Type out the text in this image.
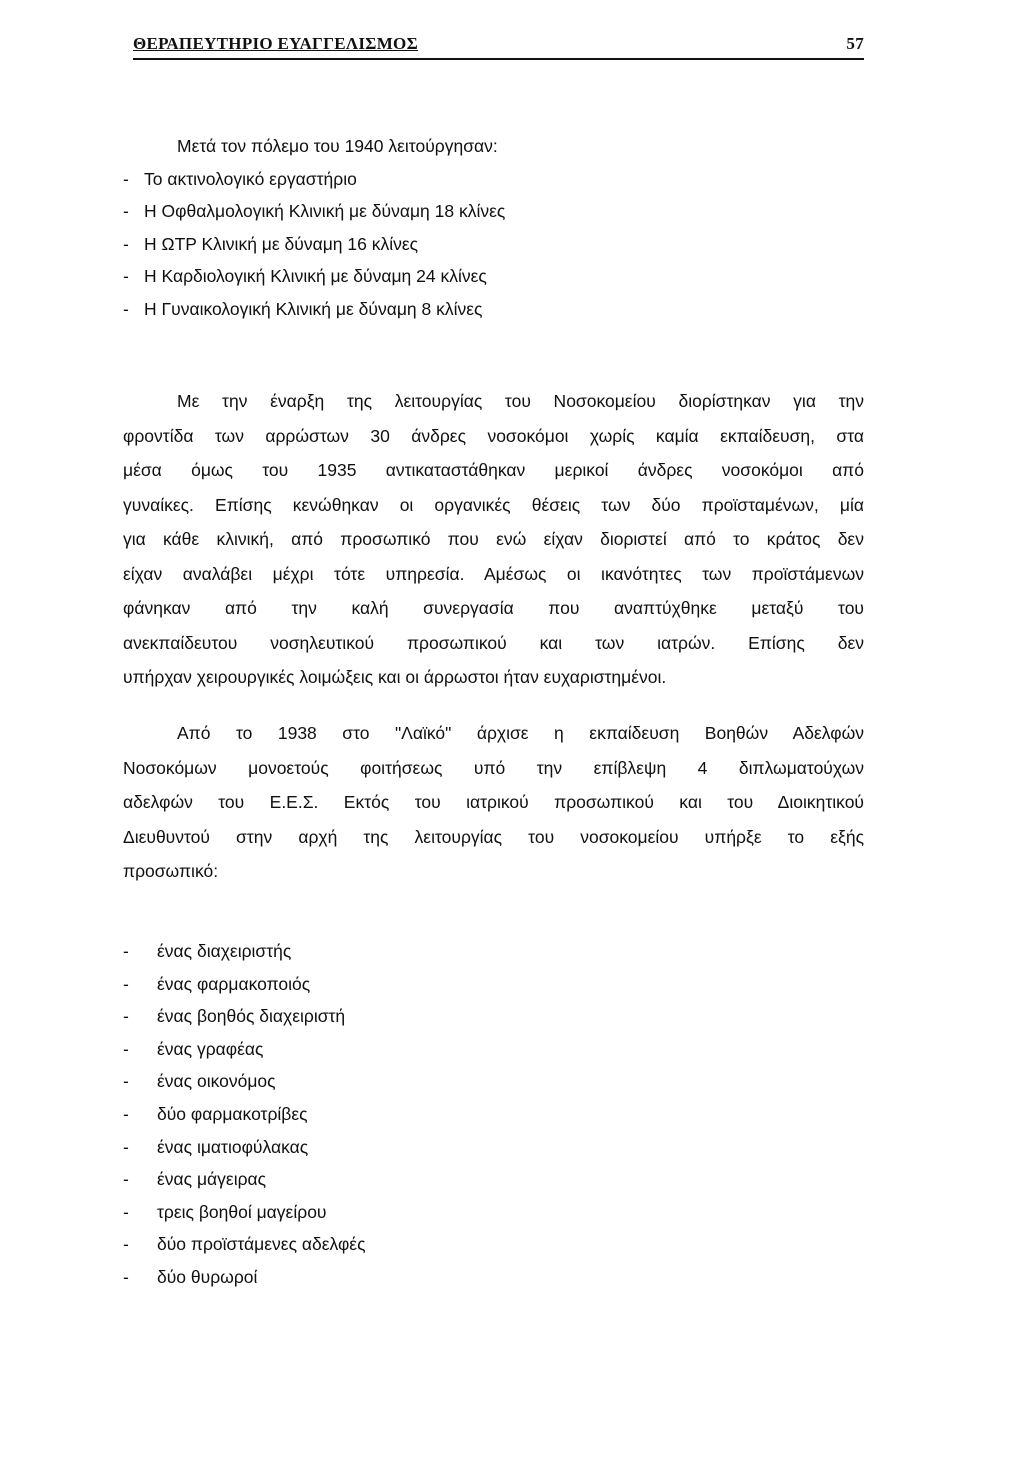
ΘΕΡΑΠΕΥΤΗΡΙΟ ΕΥΑΓΓΕΛΙΣΜΟΣ	57
Μετά τον πόλεμο του 1940 λειτούργησαν:
- Το ακτινολογικό εργαστήριο
- Η Οφθαλμολογική Κλινική με δύναμη 18 κλίνες
- Η ΩΤΡ Κλινική με δύναμη 16 κλίνες
- Η Καρδιολογική Κλινική με δύναμη 24 κλίνες
- Η Γυναικολογική Κλινική με δύναμη 8 κλίνες
Με την έναρξη της λειτουργίας του Νοσοκομείου διορίστηκαν για την
φροντίδα των αρρώστων 30 άνδρες νοσοκόμοι χωρίς καμία εκπαίδευση, στα
μέσα όμως του 1935 αντικαταστάθηκαν μερικοί άνδρες νοσοκόμοι από
γυναίκες. Επίσης κενώθηκαν οι οργανικές θέσεις των δύο προϊσταμένων, μία
για κάθε κλινική, από προσωπικό που ενώ είχαν διοριστεί από το κράτος δεν
είχαν αναλάβει μέχρι τότε υπηρεσία. Αμέσως οι ικανότητες των προϊστάμενων
φάνηκαν από την καλή συνεργασία που αναπτύχθηκε μεταξύ του
ανεκπαίδευτου νοσηλευτικού προσωπικού και των ιατρών. Επίσης δεν
υπήρχαν χειρουργικές λοιμώξεις και οι άρρωστοι ήταν ευχαριστημένοι.
Από το 1938 στο "Λαϊκό" άρχισε η εκπαίδευση Βοηθών Αδελφών
Νοσοκόμων μονοετούς φοιτήσεως υπό την επίβλεψη 4 διπλωματούχων
αδελφών του Ε.Ε.Σ. Εκτός του ιατρικού προσωπικού και του Διοικητικού
Διευθυντού στην αρχή της λειτουργίας του νοσοκομείου υπήρξε το εξής
προσωπικό:
-	ένας διαχειριστής
-	ένας φαρμακοποιός
-	ένας βοηθός διαχειριστή
-	ένας γραφέας
-	ένας οικονόμος
-	δύο φαρμακοτρίβες
-	ένας ιματιοφύλακας
-	ένας μάγειρας
-	τρεις βοηθοί μαγείρου
-	δύο προϊστάμενες αδελφές
-	δύο θυρωροί
